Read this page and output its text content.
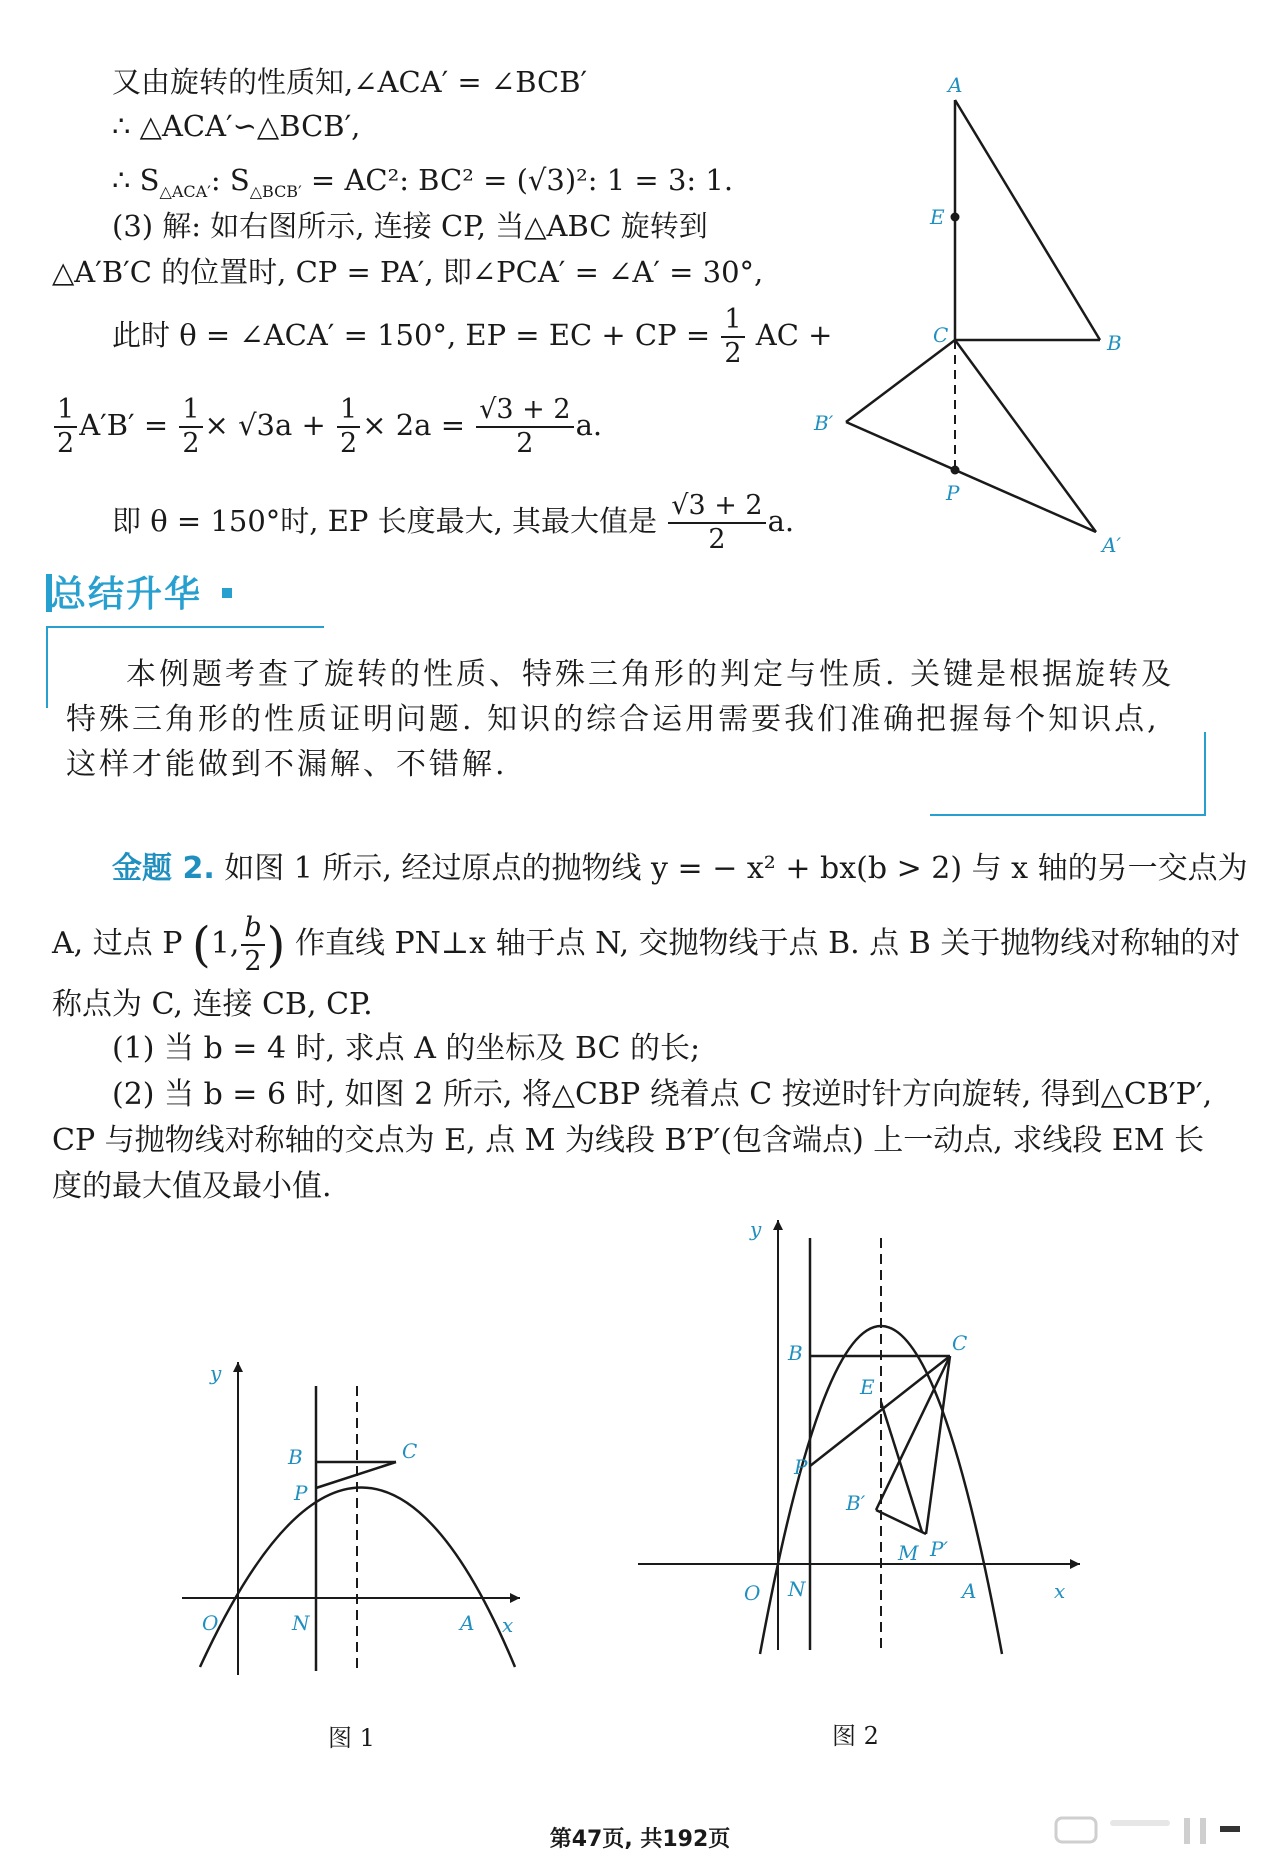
又由旋转的性质知,∠ACA′ = ∠BCB′
∴ △ACA′∽△BCB′,
∴ $S_{\triangle ACA'}$: $S_{\triangle BCB'} = AC^2$: BC² = (√3)²: 1 = 3: 1.
(3) 解: 如右图所示, 连接 CP, 当△ABC 旋转到
△A′B′C 的位置时, CP = PA′, 即∠PCA′ = ∠A′ = 30°,
此时 θ = ∠ACA′ = 150°, EP = EC + CP = $\frac{1}{2}$ AC +
$\frac{1}{2} A'B' = \frac{1}{2} \times √3a + \frac{1}{2} \times 2a = \frac{√3 + 2}{2} a$.
即 θ = 150°时, EP 长度最大, 其最大值是 $\frac{√3 + 2}{2} a$.
A
E
C	B
B′
P
A′
总结升华
本例题考查了旋转的性质、特殊三角形的判定与性质. 关键是根据旋转及特殊三角形的性质证明问题. 知识的综合运用需要我们准确把握每个知识点, 这样才能做到不漏解、不错解.
金题 2. 如图 1 所示, 经过原点的抛物线 y = − x² + bx(b > 2) 与 x 轴的另一交点为
A, 过点 P (1, $\frac{b}{2}$ ) 作直线 PN⊥x 轴于点 N, 交抛物线于点 B. 点 B 关于抛物线对称轴的对
称点为 C, 连接 CB, CP.
(1) 当 b = 4 时, 求点 A 的坐标及 BC 的长;
(2) 当 b = 6 时, 如图 2 所示, 将△CBP 绕着点 C 按逆时针方向旋转, 得到△CB′P′,
CP 与抛物线对称轴的交点为 E, 点 M 为线段 B′P′(包含端点) 上一动点, 求线段 EM 长
度的最大值及最小值.
y
x
O	N	A
B	C
P
图 1
y
x
O N	A
B	C
P
E
B′
M P′
图 2
第47页, 共192页
